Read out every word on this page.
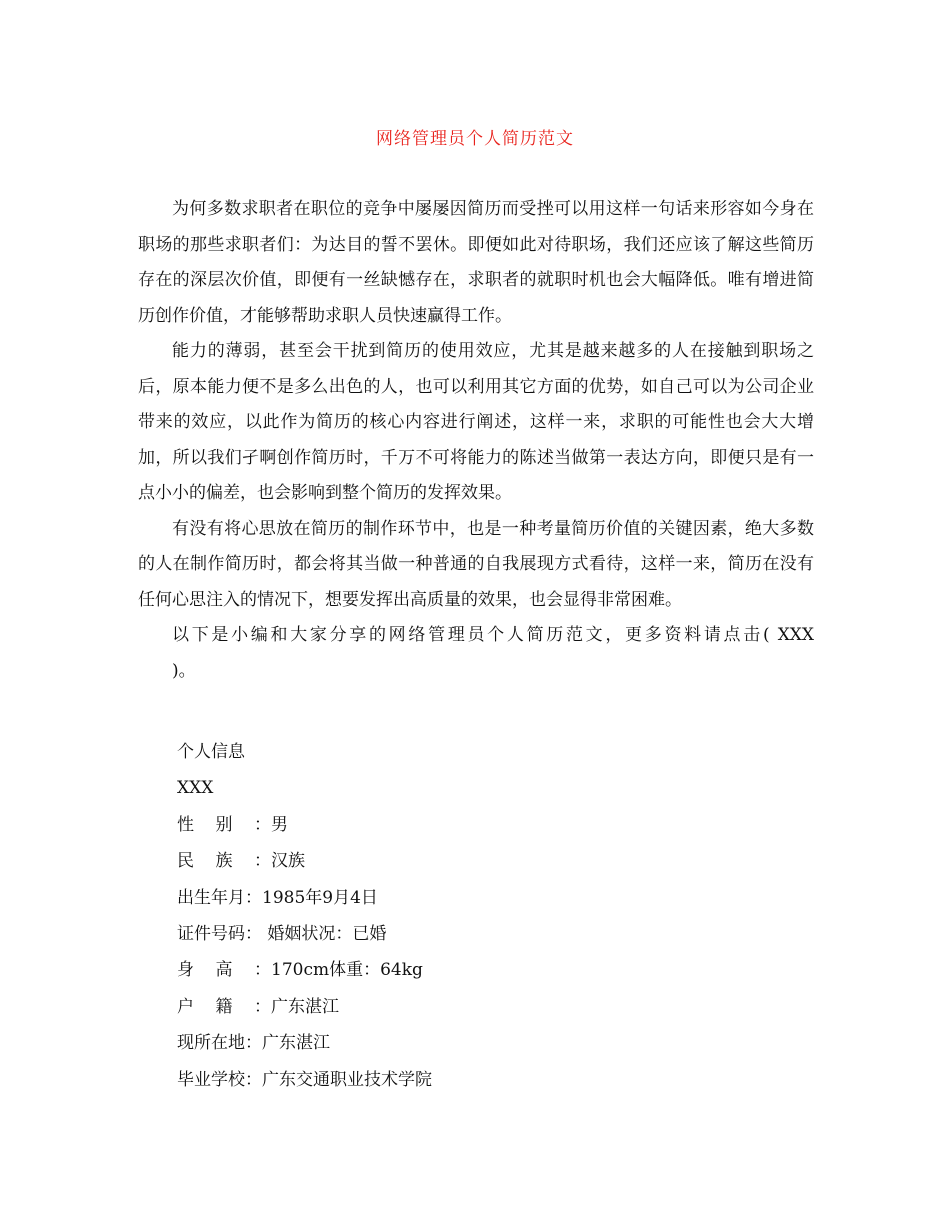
网络管理员个人简历范文

为何多数求职者在职位的竞争中屡屡因简历而受挫可以用这样一句话来形容如今身在职场的那些求职者们：为达目的誓不罢休。即便如此对待职场，我们还应该了解这些简历存在的深层次价值，即便有一丝缺憾存在，求职者的就职时机也会大幅降低。唯有增进简历创作价值，才能够帮助求职人员快速赢得工作。

能力的薄弱，甚至会干扰到简历的使用效应，尤其是越来越多的人在接触到职场之后，原本能力便不是多么出色的人，也可以利用其它方面的优势，如自己可以为公司企业带来的效应，以此作为简历的核心内容进行阐述，这样一来，求职的可能性也会大大增加，所以我们孑啊创作简历时，千万不可将能力的陈述当做第一表达方向，即便只是有一点小小的偏差，也会影响到整个简历的发挥效果。

有没有将心思放在简历的制作环节中，也是一种考量简历价值的关键因素，绝大多数的人在制作简历时，都会将其当做一种普通的自我展现方式看待，这样一来，简历在没有任何心思注入的情况下，想要发挥出高质量的效果，也会显得非常困难。

以下是小编和大家分享的网络管理员个人简历范文，更多资料请点击( XXX

)。

个人信息
XXX
性别：男
民族：汉族
出生年月：1985年9月4日
证件号码： 婚姻状况：已婚
身高：170cm体重：64kg
户籍：广东湛江
现所在地：广东湛江
毕业学校：广东交通职业技术学院
